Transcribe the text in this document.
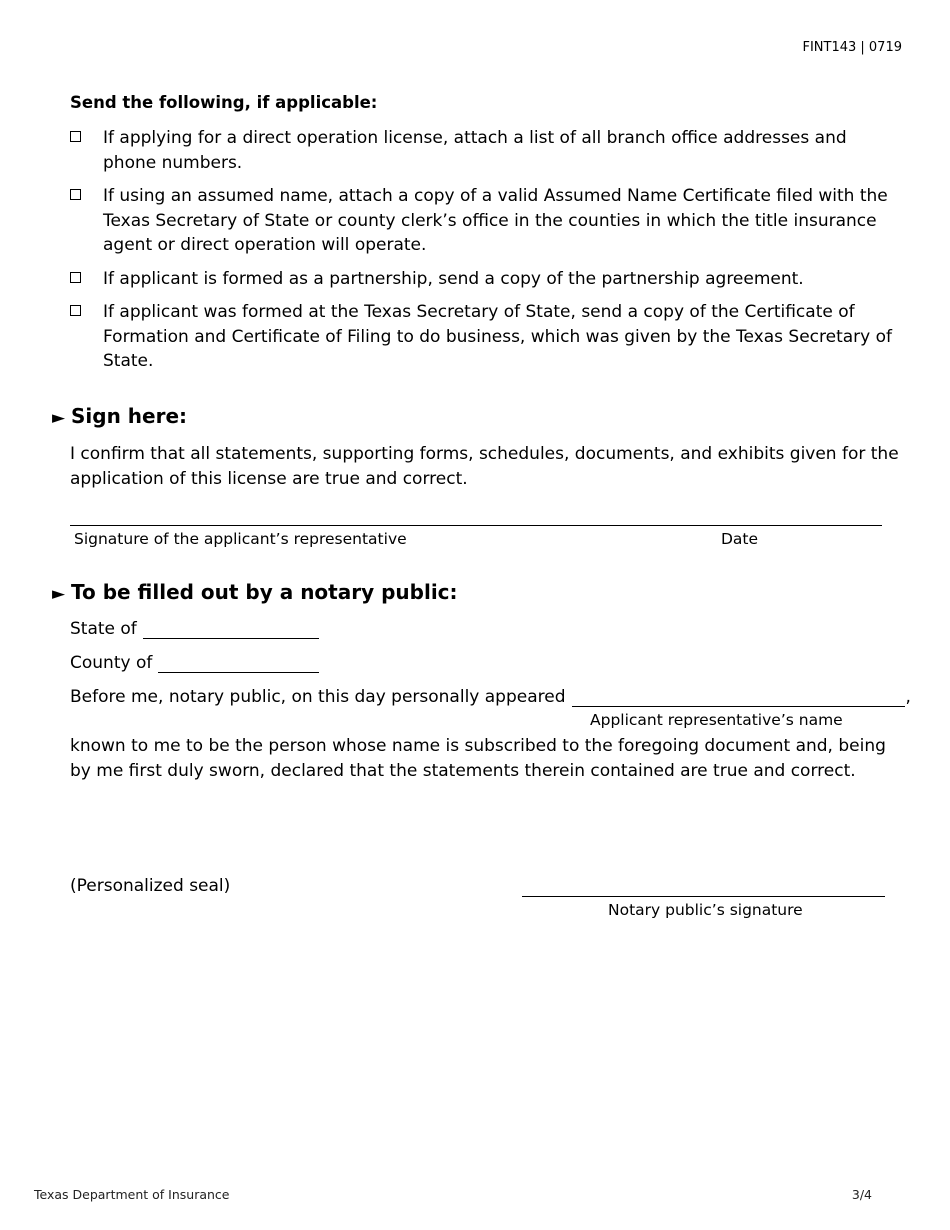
FINT143 | 0719
Send the following, if applicable:
If applying for a direct operation license, attach a list of all branch office addresses and phone numbers.
If using an assumed name, attach a copy of a valid Assumed Name Certificate filed with the Texas Secretary of State or county clerk’s office in the counties in which the title insurance agent or direct operation will operate.
If applicant is formed as a partnership, send a copy of the partnership agreement.
If applicant was formed at the Texas Secretary of State, send a copy of the Certificate of Formation and Certificate of Filing to do business, which was given by the Texas Secretary of State.
► Sign here:
I confirm that all statements, supporting forms, schedules, documents, and exhibits given for the application of this license are true and correct.
Signature of the applicant’s representative	Date
► To be filled out by a notary public:
State of
County of
Before me, notary public, on this day personally appeared	,
Applicant representative’s name
known to me to be the person whose name is subscribed to the foregoing document and, being by me first duly sworn, declared that the statements therein contained are true and correct.
(Personalized seal)
Notary public’s signature
Texas Department of Insurance	3/4
